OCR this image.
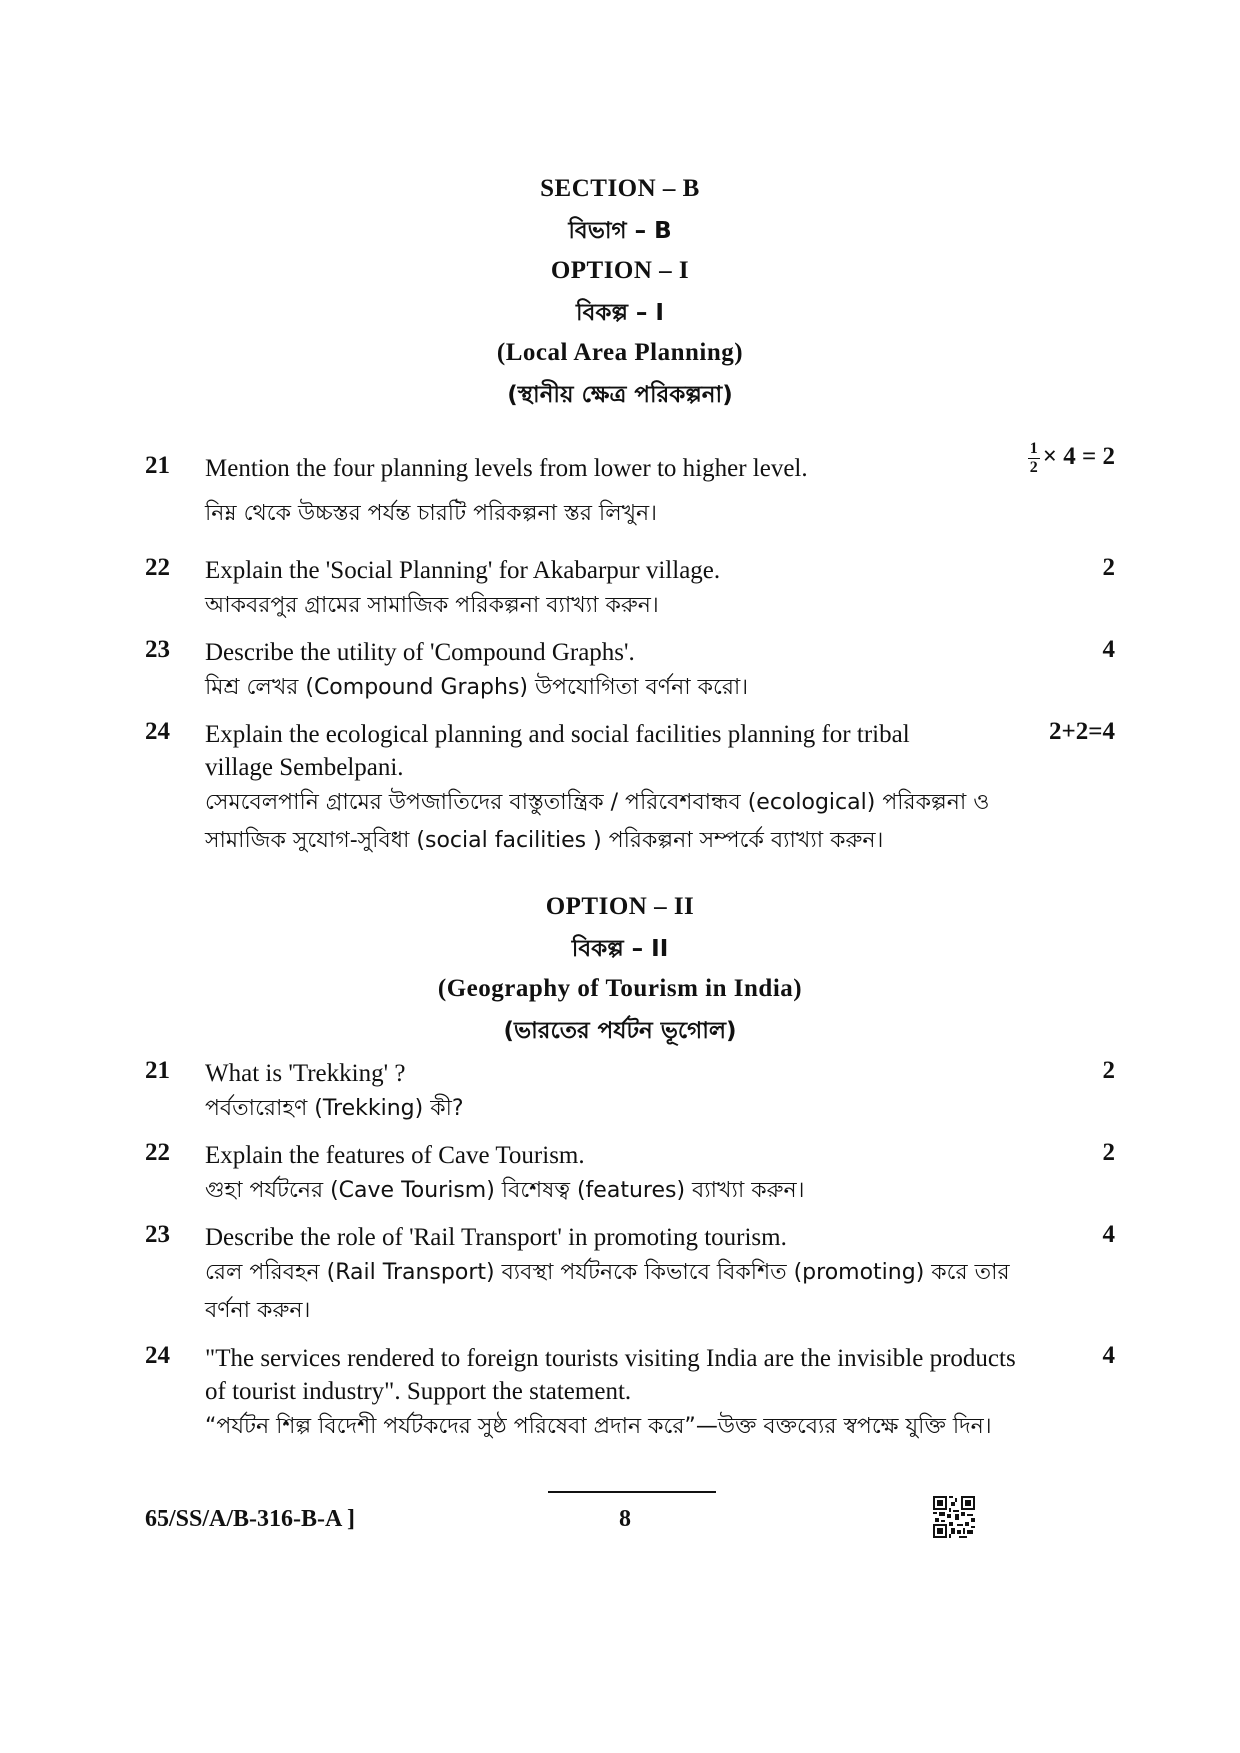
SECTION – B
বিভাগ – B
OPTION – I
বিকল্প – I
(Local Area Planning)
(স্থানীয় ক্ষেত্র পরিকল্পনা)
21 Mention the four planning levels from lower to higher level.
নিম্ন থেকে উচ্চস্তর পর্যন্ত চারটি পরিকল্পনা স্তর লিখুন।
$\frac{1}{2} \times 4 = 2$
22 Explain the 'Social Planning' for Akabarpur village.
আকবরপুর গ্রামের সামাজিক পরিকল্পনা ব্যাখ্যা করুন।
2
23 Describe the utility of 'Compound Graphs'.
মিশ্র লেখর (Compound Graphs) উপযোগিতা বর্ণনা করো।
4
24 Explain the ecological planning and social facilities planning for tribal village Sembelpani.
সেমবেলপানি গ্রামের উপজাতিদের বাস্তুতান্ত্রিক / পরিবেশবান্ধব (ecological) পরিকল্পনা ও সামাজিক সুযোগ-সুবিধা (social facilities ) পরিকল্পনা সম্পর্কে ব্যাখ্যা করুন।
2+2=4
OPTION – II
বিকল্প – II
(Geography of Tourism in India)
(ভারতের পর্যটন ভূগোল)
21 What is 'Trekking' ?
পর্বতারোহণ (Trekking) কী?
2
22 Explain the features of Cave Tourism.
গুহা পর্যটনের (Cave Tourism) বিশেষত্ব (features) ব্যাখ্যা করুন।
2
23 Describe the role of 'Rail Transport' in promoting tourism.
রেল পরিবহন (Rail Transport) ব্যবস্থা পর্যটনকে কিভাবে বিকশিত (promoting) করে তার বর্ণনা করুন।
4
24 "The services rendered to foreign tourists visiting India are the invisible products of tourist industry". Support the statement.
“পর্যটন শিল্প বিদেশী পর্যটকদের সুষ্ঠ পরিষেবা প্রদান করে”—উক্ত বক্তব্যের স্বপক্ষে যুক্তি দিন।
4
65/SS/A/B-316-B-A ]	8
